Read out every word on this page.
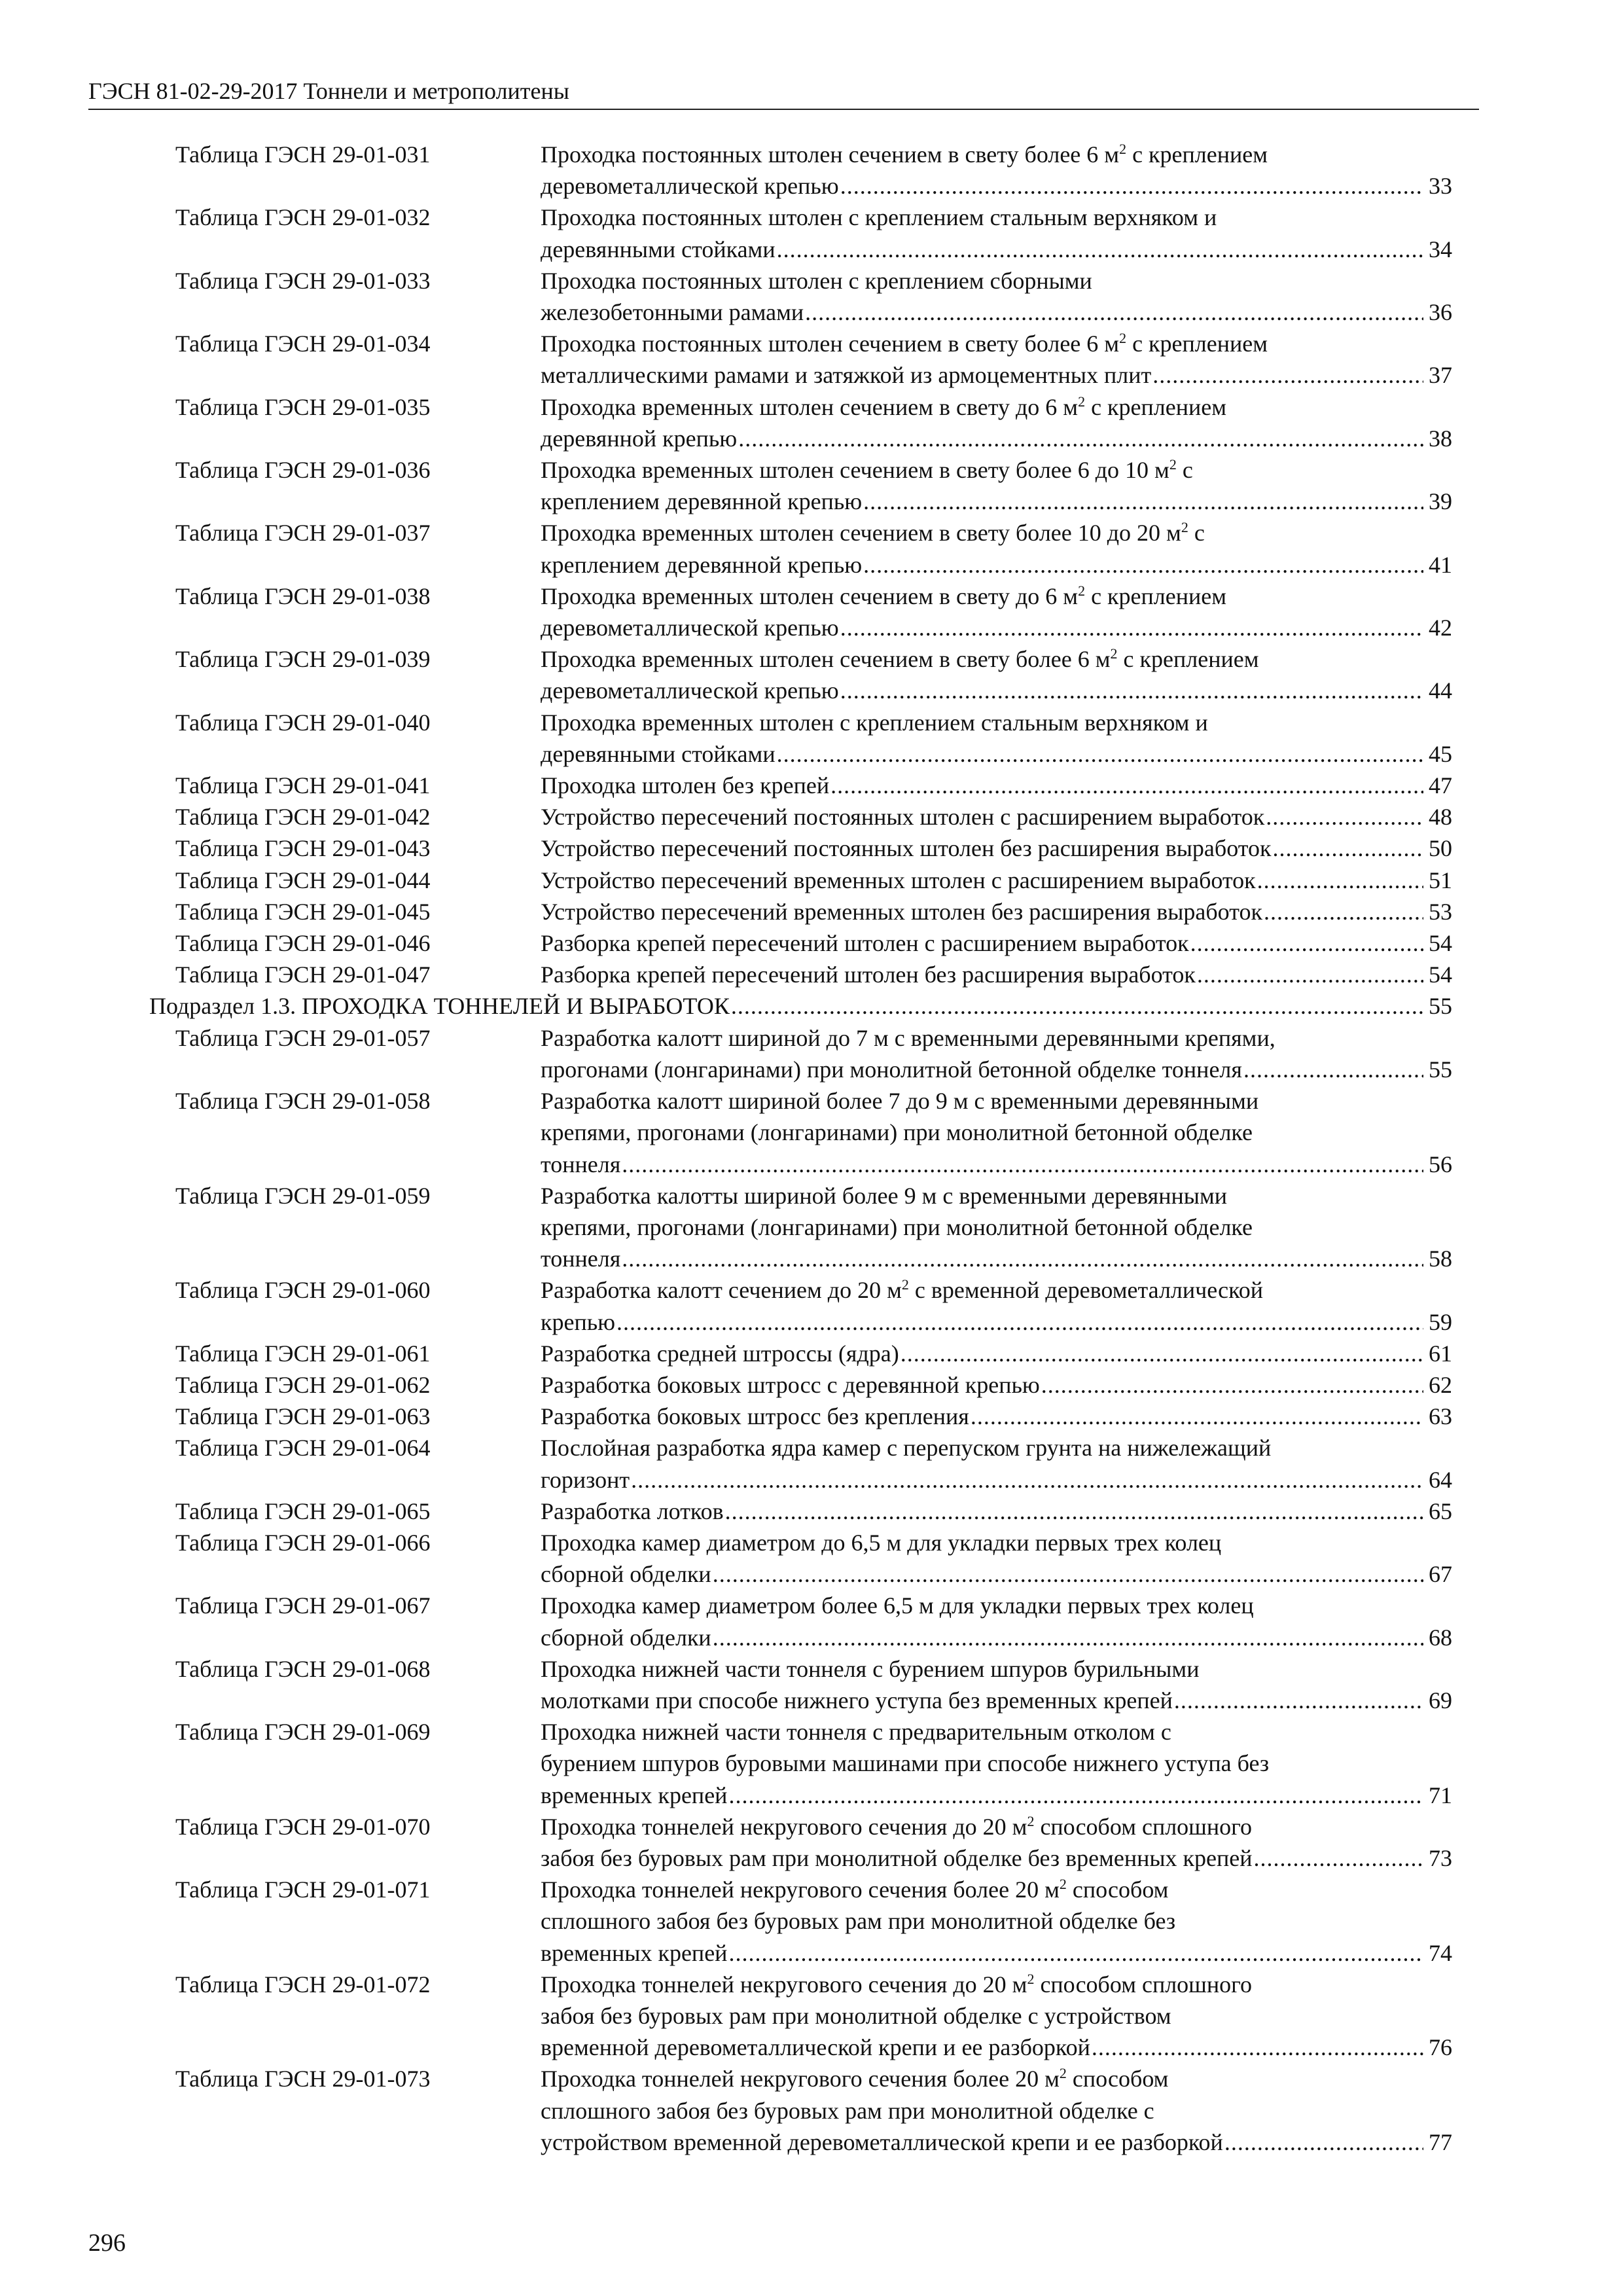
ГЭСН 81-02-29-2017 Тоннели и метрополитены
Таблица ГЭСН 29-01-031	Проходка постоянных штолен сечением в свету более 6 $м^2$ с креплением
деревометаллической крепью .....	33
Таблица ГЭСН 29-01-032	Проходка постоянных штолен с креплением стальным верхняком и
деревянными стойками .....	34
Таблица ГЭСН 29-01-033	Проходка постоянных штолен с креплением сборными
железобетонными рамами .....	36
Таблица ГЭСН 29-01-034	Проходка постоянных штолен сечением в свету более 6 $м^2$ с креплением
металлическими рамами и затяжкой из армоцементных плит .....	37
Таблица ГЭСН 29-01-035	Проходка временных штолен сечением в свету до 6 $м^2$ с креплением
деревянной крепью .....	38
Таблица ГЭСН 29-01-036	Проходка временных штолен сечением в свету более 6 до 10 $м^2$ с
креплением деревянной крепью .....	39
Таблица ГЭСН 29-01-037	Проходка временных штолен сечением в свету более 10 до 20 $м^2$ с
креплением деревянной крепью .....	41
Таблица ГЭСН 29-01-038	Проходка временных штолен сечением в свету до 6 $м^2$ с креплением
деревометаллической крепью .....	42
Таблица ГЭСН 29-01-039	Проходка временных штолен сечением в свету более 6 $м^2$ с креплением
деревометаллической крепью .....	44
Таблица ГЭСН 29-01-040	Проходка временных штолен с креплением стальным верхняком и
деревянными стойками .....	45
Таблица ГЭСН 29-01-041	Проходка штолен без крепей .....	47
Таблица ГЭСН 29-01-042	Устройство пересечений постоянных штолен с расширением выработок .....	48
Таблица ГЭСН 29-01-043	Устройство пересечений постоянных штолен без расширения выработок .....	50
Таблица ГЭСН 29-01-044	Устройство пересечений временных штолен с расширением выработок .....	51
Таблица ГЭСН 29-01-045	Устройство пересечений временных штолен без расширения выработок .....	53
Таблица ГЭСН 29-01-046	Разборка крепей пересечений штолен с расширением выработок .....	54
Таблица ГЭСН 29-01-047	Разборка крепей пересечений штолен без расширения выработок .....	54
Подраздел 1.3. ПРОХОДКА ТОННЕЛЕЙ И ВЫРАБОТОК .....	55
Таблица ГЭСН 29-01-057	Разработка калотт шириной до 7 м с временными деревянными крепями,
прогонами (лонгаринами) при монолитной бетонной обделке тоннеля .....	55
Таблица ГЭСН 29-01-058	Разработка калотт шириной более 7 до 9 м с временными деревянными
крепями, прогонами (лонгаринами) при монолитной бетонной обделке
тоннеля .....	56
Таблица ГЭСН 29-01-059	Разработка калотты шириной более 9 м с временными деревянными
крепями, прогонами (лонгаринами) при монолитной бетонной обделке
тоннеля .....	58
Таблица ГЭСН 29-01-060	Разработка калотт сечением до 20 $м^2$ с временной деревометаллической
крепью .....	59
Таблица ГЭСН 29-01-061	Разработка средней штроссы (ядра) .....	61
Таблица ГЭСН 29-01-062	Разработка боковых штросс с деревянной крепью .....	62
Таблица ГЭСН 29-01-063	Разработка боковых штросс без крепления .....	63
Таблица ГЭСН 29-01-064	Послойная разработка ядра камер с перепуском грунта на нижележащий
горизонт .....	64
Таблица ГЭСН 29-01-065	Разработка лотков .....	65
Таблица ГЭСН 29-01-066	Проходка камер диаметром до 6,5 м для укладки первых трех колец
сборной обделки .....	67
Таблица ГЭСН 29-01-067	Проходка камер диаметром более 6,5 м для укладки первых трех колец
сборной обделки .....	68
Таблица ГЭСН 29-01-068	Проходка нижней части тоннеля с бурением шпуров бурильными
молотками при способе нижнего уступа без временных крепей .....	69
Таблица ГЭСН 29-01-069	Проходка нижней части тоннеля с предварительным отколом с
бурением шпуров буровыми машинами при способе нижнего уступа без
временных крепей .....	71
Таблица ГЭСН 29-01-070	Проходка тоннелей некругового сечения до 20 $м^2$ способом сплошного
забоя без буровых рам при монолитной обделке без временных крепей .....	73
Таблица ГЭСН 29-01-071	Проходка тоннелей некругового сечения более 20 $м^2$ способом
сплошного забоя без буровых рам при монолитной обделке без
временных крепей .....	74
Таблица ГЭСН 29-01-072	Проходка тоннелей некругового сечения до 20 $м^2$ способом сплошного
забоя без буровых рам при монолитной обделке с устройством
временной деревометаллической крепи и ее разборкой .....	76
Таблица ГЭСН 29-01-073	Проходка тоннелей некругового сечения более 20 $м^2$ способом
сплошного забоя без буровых рам при монолитной обделке с
устройством временной деревометаллической крепи и ее разборкой .....	77
296
